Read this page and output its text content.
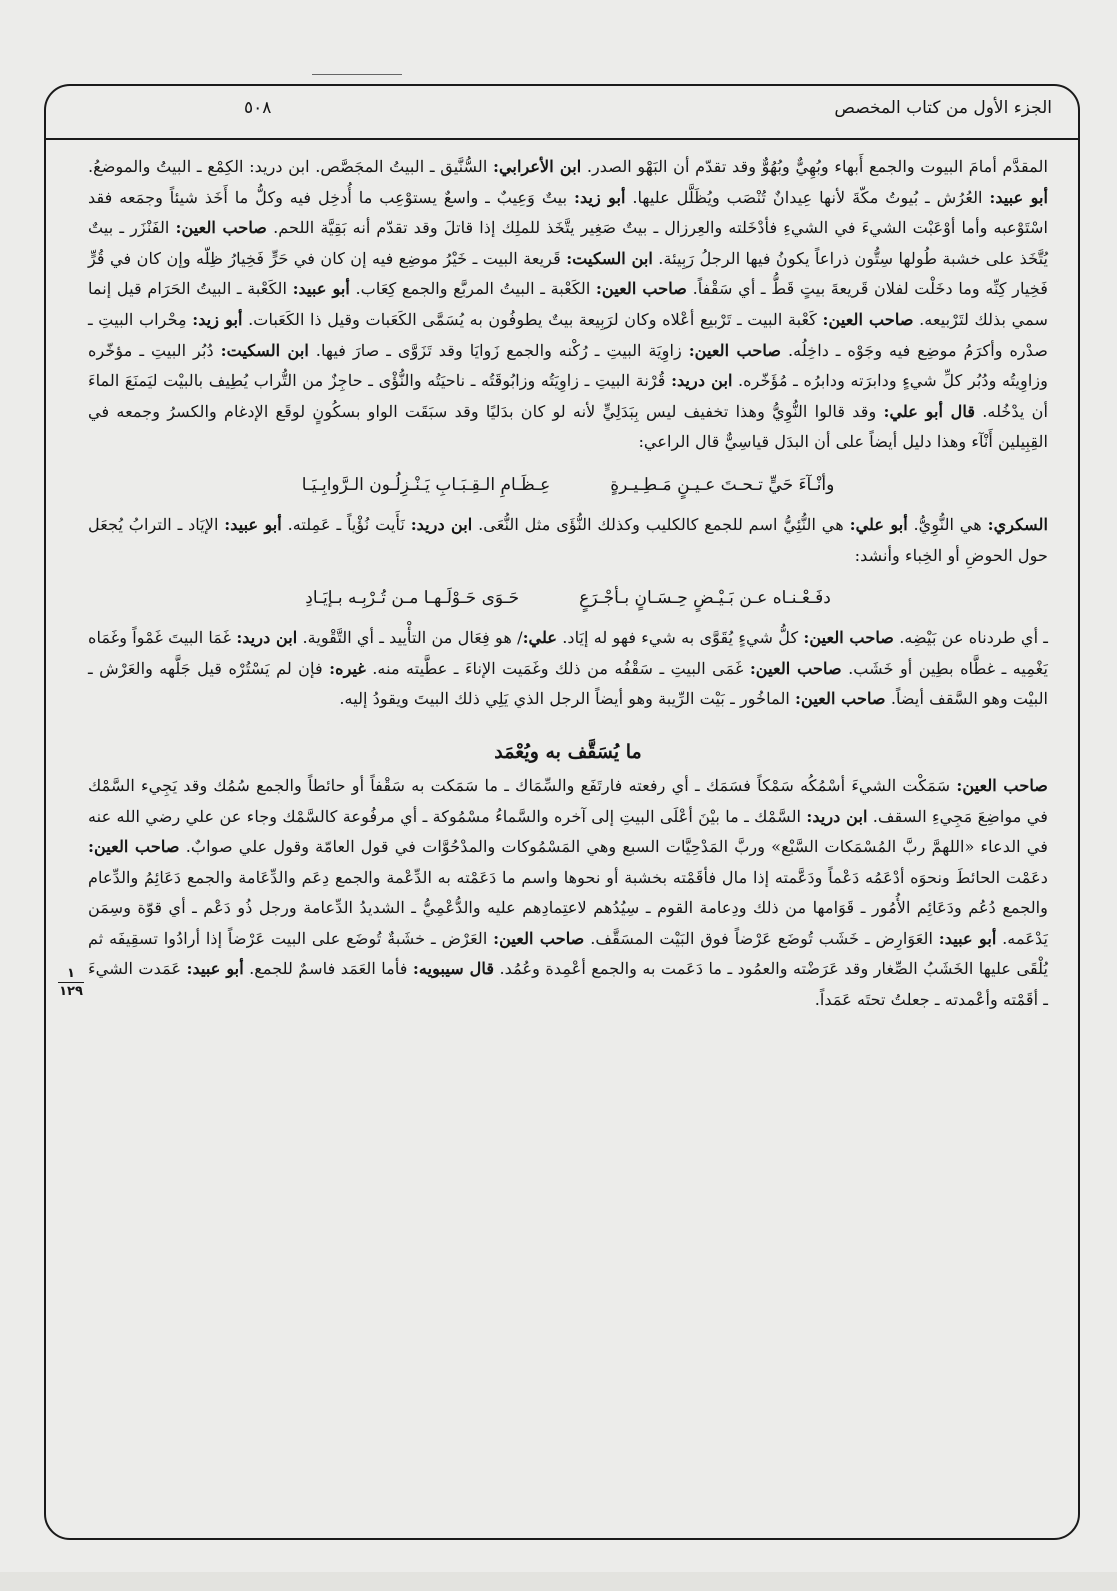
الجزء الأول من كتاب المخصص
٥٠٨
١
١٢٩

المقدَّم أمامَ البيوت والجمع أَبهاء وبُهِيٌّ وبُهُوٌّ وقد تقدّم أن البَهْو الصدر. ابن الأعرابي: السُّنَّيق ـ البيتُ المجَصَّص. ابن دريد: الكِمْع ـ البيتُ والموضعُ. أبو عبيد: العُرُش ـ بُيوتُ مكّةَ لأنها عِيدانٌ تُنْصَب ويُظَلَّل عليها. أبو زيد: بيتٌ وَعِيبٌ ـ واسعٌ يستوْعِب ما أُدخِل فيه وكلُّ ما أَخَذ شيئاً وجمَعه فقد اسْتَوْعبه وأما أوْعَبْت الشيءَ في الشيءِ فأدْخَلته والعِرزال ـ بيتٌ صَغِير يتَّخَذ للملِك إذا قاتلَ وقد تقدّم أنه بَقِيَّة اللحم. صاحب العين: الفَنْزَر ـ بيتٌ يُتَّخَذ على خشبة طُولها سِتُّون ذراعاً يكونُ فيها الرجلُ رَبِيئة. ابن السكيت: قَريعة البيت ـ خَيْرُ موضِع فيه إن كان في حَرٍّ فَخِيارُ ظِلّه وإن كان في قُرٍّ فَخِيار كِنِّه وما دخَلْت لفلان قَريعةَ بيتٍ قَطُّ ـ أي سَقْفاً. صاحب العين: الكَعْبة ـ البيتُ المربَّع والجمع كِعَاب. أبو عبيد: الكَعْبة ـ البيتُ الحَرَام قيل إنما سمي بذلك لتَرْبيعه. صاحب العين: كَعْبة البيت ـ تَرْبيع أعْلاه وكان لرَبِيعة بيتٌ يطوفُون به يُسَمَّى الكَعَبات وقيل ذا الكَعَبات. أبو زيد: مِحْراب البيتِ ـ صدْره وأكرَمُ موضِع فيه وجَوْه ـ داخِلُه. صاحب العين: زاوِيَة البيتِ ـ رُكْنه والجمع زَوايَا وقد تَزَوَّى ـ صارَ فيها. ابن السكيت: دُبُر البيتِ ـ مؤخّره وزاوِيتُه ودُبُر كلِّ شيءٍ ودابرَته ودابرُه ـ مُؤَخّره. ابن دريد: قُرْنة البيتِ ـ زاوِيَتُه وزابُوقَتُه ـ ناحيَتُه والنُّؤْى ـ حاجِزٌ من التُّراب يُطِيف بالبيْت ليَمنَعَ الماءَ أن يدْخُله. قال أبو علي: وقد قالوا النُّوِيُّ وهذا تخفيف ليس بِبَدَلِيٍّ لأنه لو كان بدَليًا وقد سبَقَت الواو بسكُونٍ لوقَع الإدغام والكسرُ وجمعه في القِبِيلين أَنْآء وهذا دليل أيضاً على أن البدَل قياسِيٌّ قال الراعي:

وأنْـآءَ حَيٍّ تـحـتَ عـيـنٍ مَـطِـيـرةٍ
عِـظَـامِ الـقِـبَـابِ يَـنْـزِلُـون الـرَّوابِـيَـا

السكري: هي النُّوِيُّ. أبو علي: هي النُّئِيُّ اسم للجمع كالكليب وكذلك النُّؤَى مثل النُّعَى. ابن دريد: نَأَيت نُؤْياً ـ عَمِلته. أبو عبيد: الإيَاد ـ الترابُ يُجعَل حول الحوضِ أو الخِباء وأنشد:

دفَـعْـنـاه عـن بَـيْـضٍ حِـسَـانٍ بـأجْـرَعٍ
حَـوَى حَـوْلَـهـا مـن تُـرْبِـه بـإيَـادِ

ـ أي طردناه عن بَيْضِه. صاحب العين: كلُّ شيءٍ يُقَوَّى به شيء فهو له إيَاد. علي:/ هو فِعَال من التأْييد ـ أي التَّقْوية. ابن دريد: غَمَا البيتَ غَمْواً وغَمَاه يَغْمِيه ـ غطَّاه بطِين أو خَشَب. صاحب العين: غَمَى البيتِ ـ سَقْفُه من ذلك وغَمَيت الإناءَ ـ عطَّيته منه. غيره: فإن لم يَسْتُرْه قيل جَلَّهه والعَرْش ـ البيْت وهو السَّقف أيضاً. صاحب العين: الماخُور ـ بَيْت الرِّيبة وهو أيضاً الرجل الذي يَلِي ذلك البيتَ ويقودُ إليه.

ما يُسَقَّف به ويُعْمَد

صاحب العين: سَمَكْت الشيءَ أسْمُكُه سَمْكاً فسَمَك ـ أي رفعته فارتَفَع والسِّمَاك ـ ما سَمَكت به سَقْفاً أو حائطاً والجمع سُمُك وقد يَجِيء السَّمْك في مواضِعَ مَجِيءِ السقف. ابن دريد: السَّمْك ـ ما بيْنَ أعْلَى البيتِ إلى آخره والسَّماءُ مسْمُوكة ـ أي مرفُوعة كالسَّمْك وجاء عن علي رضي الله عنه في الدعاء «اللهمَّ ربَّ المُسْمَكات السَّبْع» وربَّ المَدْحِيَّات السبع وهي المَسْمُوكات والمدْحُوَّات في قول العامّة وقول علي صوابٌ. صاحب العين: دعَمْت الحائطَ ونحوَه أدْعَمُه دَعْماً ودَعَّمته إذا مال فأقَمْته بخشبة أو نحوها واسم ما دَعَمْته به الدِّعْمة والجمع دِعَم والدِّعَامة والجمع دَعَائِمُ والدِّعام والجمع دُعُم ودَعَائِم الأُمُور ـ قَوَامها من ذلك ودِعامة القوم ـ سِيُدُهم لاعتِمادِهم عليه والدُّعْمِيُّ ـ الشديدُ الدِّعامة ورجل ذُو دَعْم ـ أي قوّة وسِمَن يَدْعَمه. أبو عبيد: العَوَارِض ـ خَشَب تُوضَع عَرْضاً فوق البَيْت المسَقَّف. صاحب العين: العَرْض ـ خشَبةٌ تُوضَع على البيت عَرْضاً إذا أرادُوا تسقِيفَه ثم يُلْقَى عليها الخَشَبُ الصِّغار وقد عَرَضْته والعمُود ـ ما دَعَمت به والجمع أعْمِدة وعُمُد. قال سيبويه: فأما العَمَد فاسمٌ للجمع. أبو عبيد: عَمَدت الشيءَ ـ أقَمْته وأعْمدته ـ جعلتُ تحتَه عَمَداً.
